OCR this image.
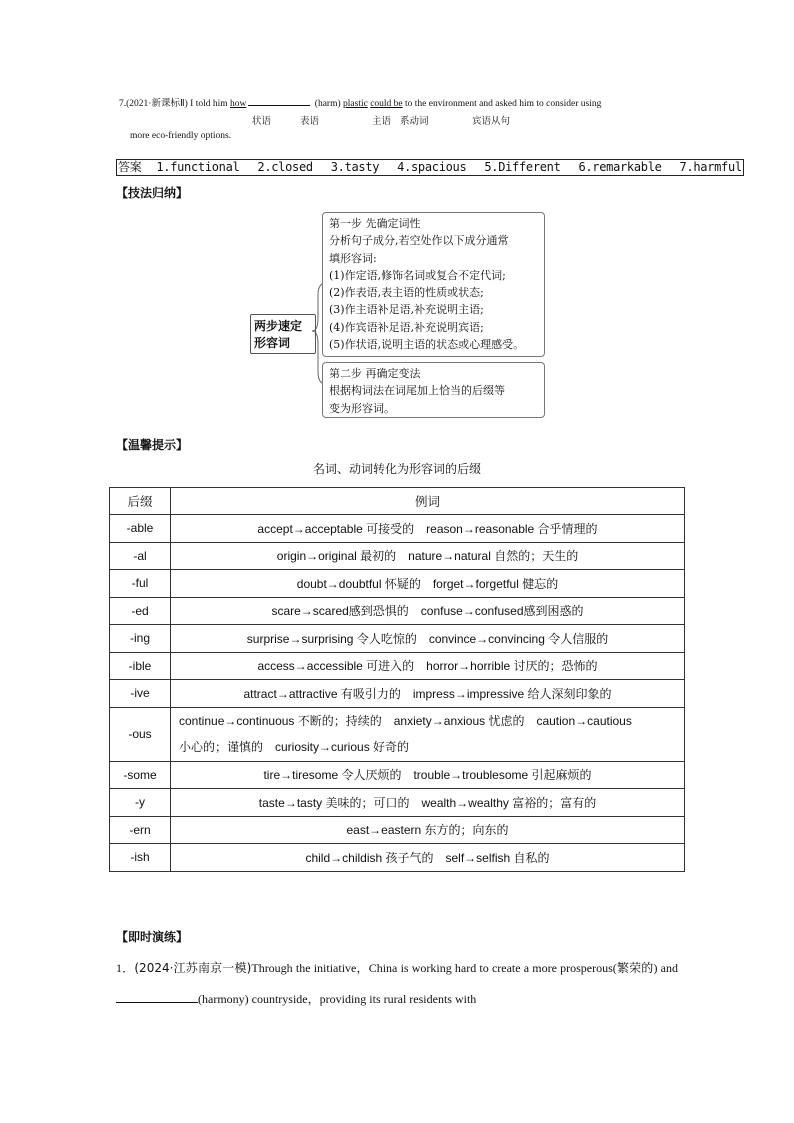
7.(2021·新课标Ⅱ) I told him how	(harm) plastic could be to the environment and asked him to consider using
状语	表语	主语 系动词	宾语从句
more eco-friendly options.
答案 1.functional 2.closed 3.tasty 4.spacious 5.Different 6.remarkable 7.harmful
【技法归纳】
两步速定
形容词
第一步 先确定词性
分析句子成分,若空处作以下成分通常
填形容词:
(1)作定语,修饰名词或复合不定代词;
(2)作表语,表主语的性质或状态;
(3)作主语补足语,补充说明主语;
(4)作宾语补足语,补充说明宾语;
(5)作状语,说明主语的状态或心理感受。
第二步 再确定变法
根据构词法在词尾加上恰当的后缀等
变为形容词。
【温馨提示】
名词、动词转化为形容词的后缀
后缀	例词
-able	accept→acceptable 可接受的　reason→reasonable 合乎情理的
-al	origin→original 最初的　nature→natural 自然的；天生的
-ful	doubt→doubtful 怀疑的　forget→forgetful 健忘的
-ed	scare→scared感到恐惧的　confuse→confused感到困惑的
-ing	surprise→surprising 令人吃惊的　convince→convincing 令人信服的
-ible	access→accessible 可进入的　horror→horrible 讨厌的；恐怖的
-ive	attract→attractive 有吸引力的　impress→impressive 给人深刻印象的
-ous	continue→continuous 不断的；持续的　anxiety→anxious 忧虑的　caution→cautious
小心的；谨慎的　curiosity→curious 好奇的

-some	tire→tiresome 令人厌烦的　trouble→troublesome 引起麻烦的
-y	taste→tasty 美味的；可口的　wealth→wealthy 富裕的；富有的
-ern	east→eastern 东方的；向东的
-ish	child→childish 孩子气的　self→selfish 自私的
【即时演练】
1．(2024·江苏南京一模)Through the initiative，China is working hard to create a more prosperous(繁荣的) and (harmony) countryside，providing its rural residents with
